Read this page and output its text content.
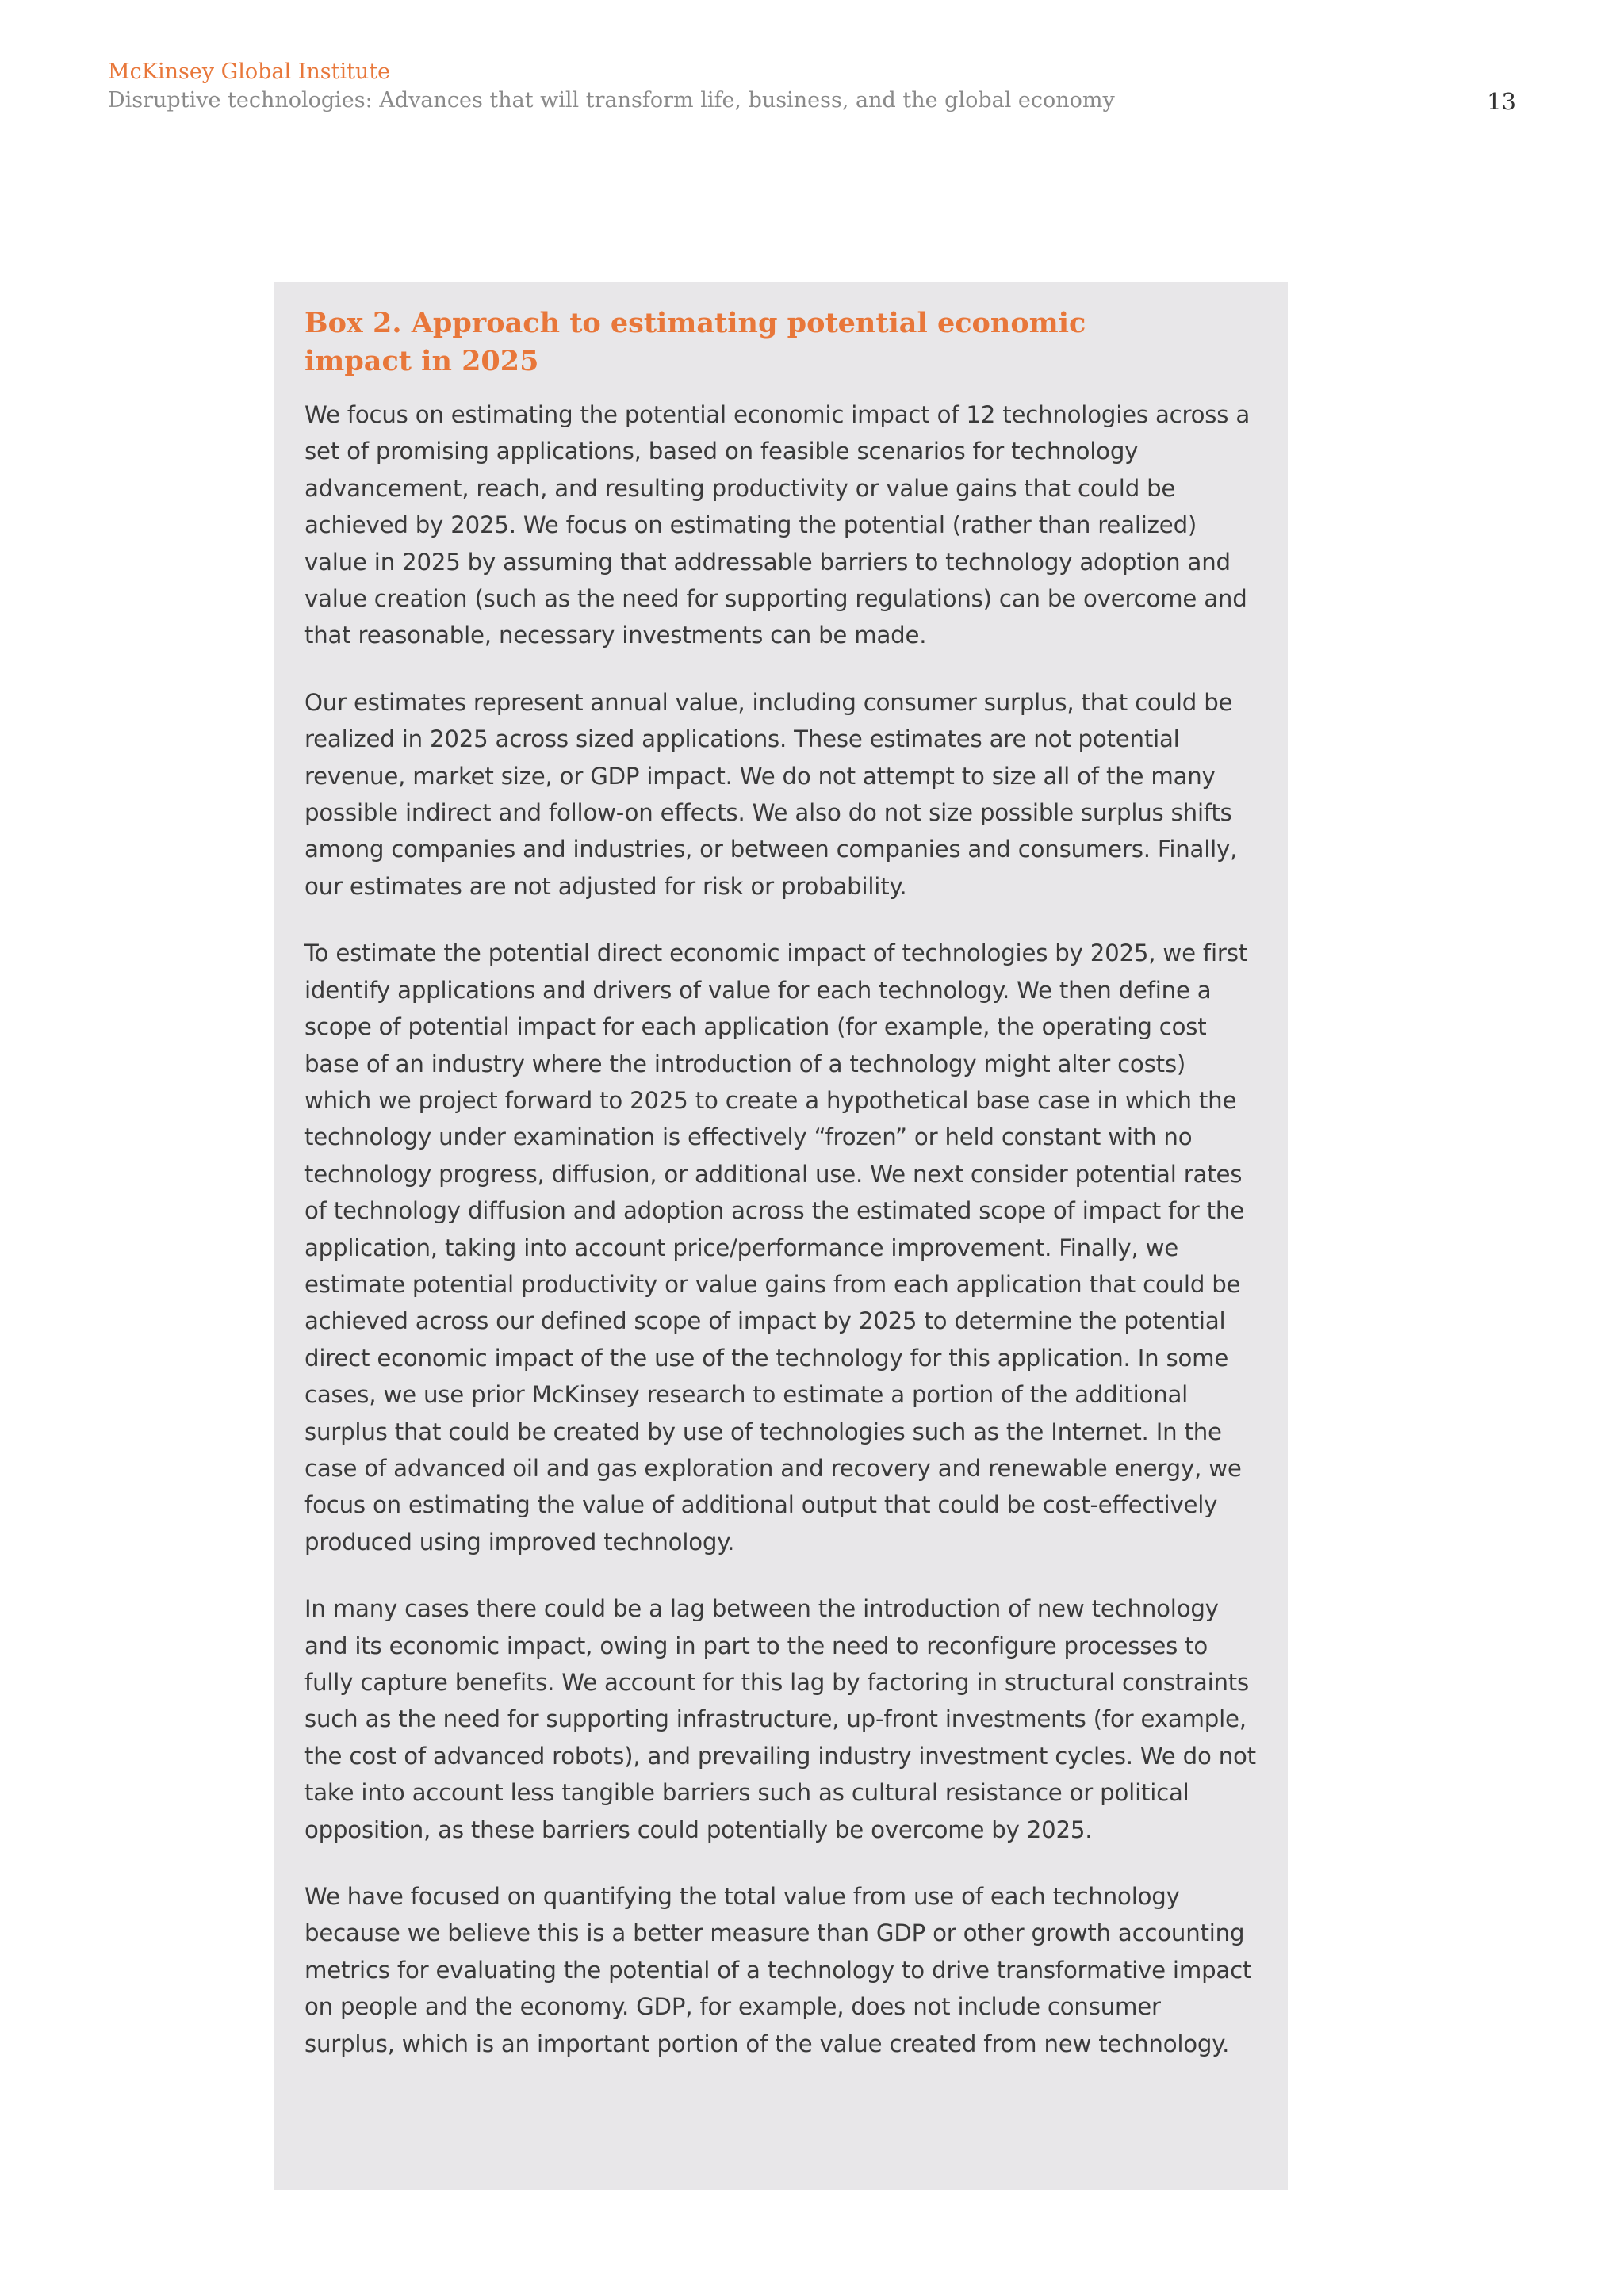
McKinsey Global Institute
Disruptive technologies: Advances that will transform life, business, and the global economy	13
Box 2. Approach to estimating potential economic impact in 2025

We focus on estimating the potential economic impact of 12 technologies across a set of promising applications, based on feasible scenarios for technology advancement, reach, and resulting productivity or value gains that could be achieved by 2025. We focus on estimating the potential (rather than realized) value in 2025 by assuming that addressable barriers to technology adoption and value creation (such as the need for supporting regulations) can be overcome and that reasonable, necessary investments can be made.

Our estimates represent annual value, including consumer surplus, that could be realized in 2025 across sized applications. These estimates are not potential revenue, market size, or GDP impact. We do not attempt to size all of the many possible indirect and follow-on effects. We also do not size possible surplus shifts among companies and industries, or between companies and consumers. Finally, our estimates are not adjusted for risk or probability.

To estimate the potential direct economic impact of technologies by 2025, we first identify applications and drivers of value for each technology. We then define a scope of potential impact for each application (for example, the operating cost base of an industry where the introduction of a technology might alter costs) which we project forward to 2025 to create a hypothetical base case in which the technology under examination is effectively “frozen” or held constant with no technology progress, diffusion, or additional use. We next consider potential rates of technology diffusion and adoption across the estimated scope of impact for the application, taking into account price/performance improvement. Finally, we estimate potential productivity or value gains from each application that could be achieved across our defined scope of impact by 2025 to determine the potential direct economic impact of the use of the technology for this application. In some cases, we use prior McKinsey research to estimate a portion of the additional surplus that could be created by use of technologies such as the Internet. In the case of advanced oil and gas exploration and recovery and renewable energy, we focus on estimating the value of additional output that could be cost-effectively produced using improved technology.

In many cases there could be a lag between the introduction of new technology and its economic impact, owing in part to the need to reconfigure processes to fully capture benefits. We account for this lag by factoring in structural constraints such as the need for supporting infrastructure, up-front investments (for example, the cost of advanced robots), and prevailing industry investment cycles. We do not take into account less tangible barriers such as cultural resistance or political opposition, as these barriers could potentially be overcome by 2025.

We have focused on quantifying the total value from use of each technology because we believe this is a better measure than GDP or other growth accounting metrics for evaluating the potential of a technology to drive transformative impact on people and the economy. GDP, for example, does not include consumer surplus, which is an important portion of the value created from new technology.
